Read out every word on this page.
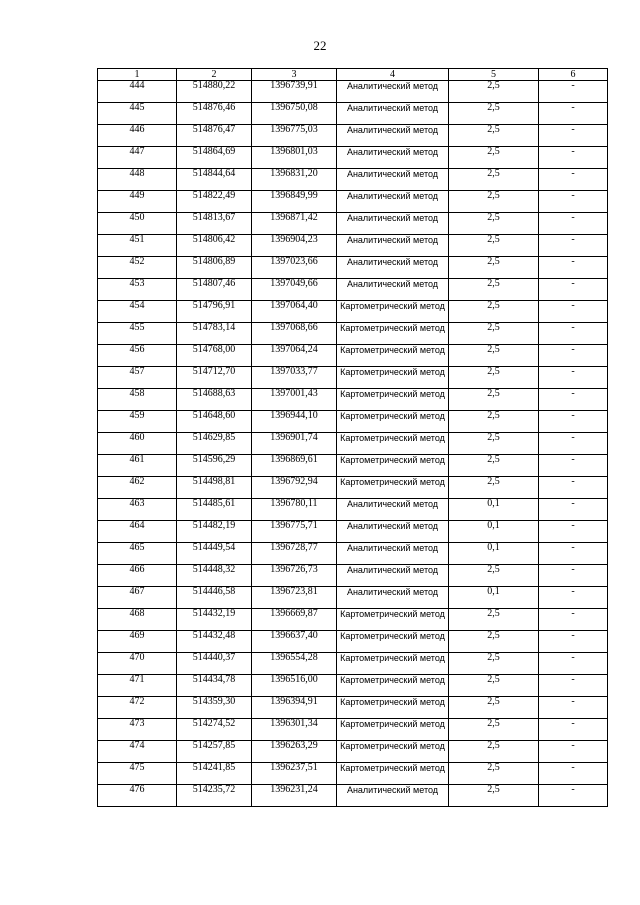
22
1	2	3	4	5	6
444	514880,22	1396739,91	Аналитический метод	2,5	-
445	514876,46	1396750,08	Аналитический метод	2,5	-
446	514876,47	1396775,03	Аналитический метод	2,5	-
447	514864,69	1396801,03	Аналитический метод	2,5	-
448	514844,64	1396831,20	Аналитический метод	2,5	-
449	514822,49	1396849,99	Аналитический метод	2,5	-
450	514813,67	1396871,42	Аналитический метод	2,5	-
451	514806,42	1396904,23	Аналитический метод	2,5	-
452	514806,89	1397023,66	Аналитический метод	2,5	-
453	514807,46	1397049,66	Аналитический метод	2,5	-
454	514796,91	1397064,40	Картометрический метод	2,5	-
455	514783,14	1397068,66	Картометрический метод	2,5	-
456	514768,00	1397064,24	Картометрический метод	2,5	-
457	514712,70	1397033,77	Картометрический метод	2,5	-
458	514688,63	1397001,43	Картометрический метод	2,5	-
459	514648,60	1396944,10	Картометрический метод	2,5	-
460	514629,85	1396901,74	Картометрический метод	2,5	-
461	514596,29	1396869,61	Картометрический метод	2,5	-
462	514498,81	1396792,94	Картометрический метод	2,5	-
463	514485,61	1396780,11	Аналитический метод	0,1	-
464	514482,19	1396775,71	Аналитический метод	0,1	-
465	514449,54	1396728,77	Аналитический метод	0,1	-
466	514448,32	1396726,73	Аналитический метод	2,5	-
467	514446,58	1396723,81	Аналитический метод	0,1	-
468	514432,19	1396669,87	Картометрический метод	2,5	-
469	514432,48	1396637,40	Картометрический метод	2,5	-
470	514440,37	1396554,28	Картометрический метод	2,5	-
471	514434,78	1396516,00	Картометрический метод	2,5	-
472	514359,30	1396394,91	Картометрический метод	2,5	-
473	514274,52	1396301,34	Картометрический метод	2,5	-
474	514257,85	1396263,29	Картометрический метод	2,5	-
475	514241,85	1396237,51	Картометрический метод	2,5	-
476	514235,72	1396231,24	Аналитический метод	2,5	-
